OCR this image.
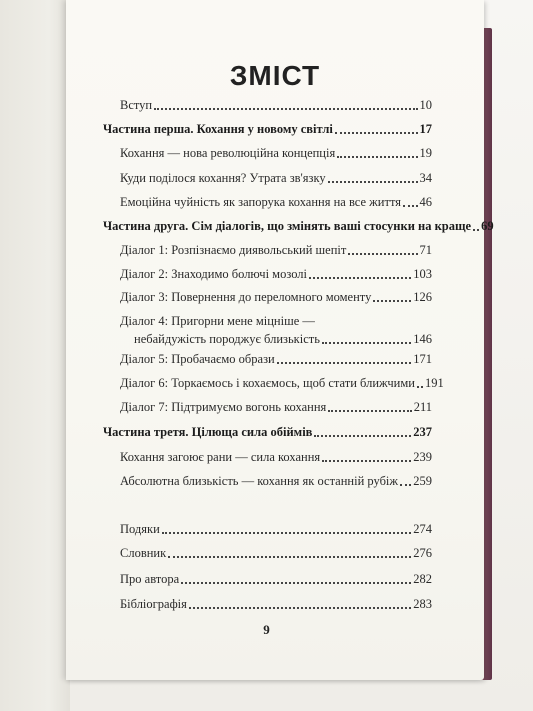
ЗМІСТ
Вступ	10
Частина перша. Кохання у новому світлі	17
Кохання — нова революційна концепція	19
Куди поділося кохання? Утрата зв'язку	34
Емоційна чуйність як запорука кохання на все життя 46
Частина друга. Сім діалогів, що змінять ваші стосунки на краще 69
Діалог 1: Розпізнаємо диявольський шепіт	71
Діалог 2: Знаходимо болючі мозолі	103
Діалог 3: Повернення до переломного моменту	126
Діалог 4: Пригорни мене міцніше —
небайдужість породжує близькість	146
Діалог 5: Пробачаємо образи	171
Діалог 6: Торкаємось і кохаємось, щоб стати ближчими 191
Діалог 7: Підтримуємо вогонь кохання	211
Частина третя. Цілюща сила обіймів	237
Кохання загоює рани — сила кохання	239
Абсолютна близькість — кохання як останній рубіж 259
Подяки	274
Словник	276
Про автора	282
Бібліографія	283
9
